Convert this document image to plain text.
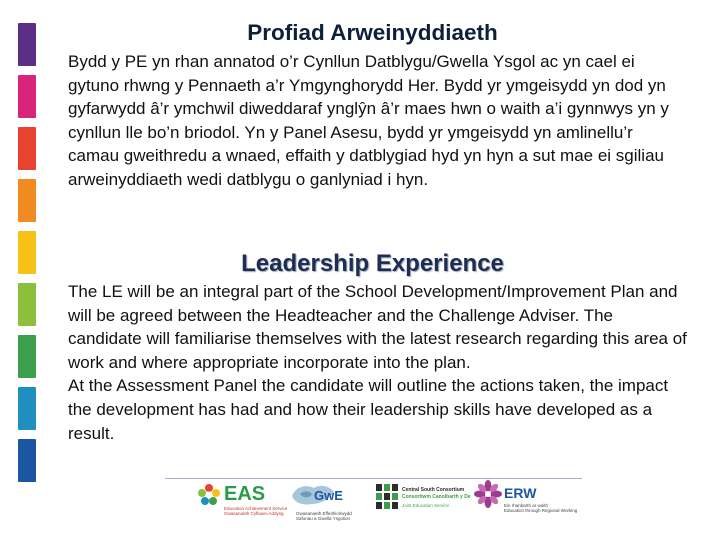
Profiad Arweinyddiaeth

Bydd y PE yn rhan annatod o’r Cynllun Datblygu/Gwella Ysgol ac yn cael ei gytuno rhwng y Pennaeth a’r Ymgynghorydd Her. Bydd yr ymgeisydd yn dod yn gyfarwydd â’r ymchwil diweddaraf ynglŷn â’r maes hwn o waith a’i gynnwys yn y cynllun lle bo’n briodol. Yn y Panel Asesu, bydd yr ymgeisydd yn amlinellu’r camau gweithredu a wnaed, effaith y datblygiad hyd yn hyn a sut mae ei sgiliau arweinyddiaeth wedi datblygu o ganlyniad i hyn.

Leadership Experience

The LE will be an integral part of the School Development/Improvement Plan and will be agreed between the Headteacher and the Challenge Adviser. The candidate will familiarise themselves with the latest research regarding this area of work and where appropriate incorporate into the plan.
At the Assessment Panel the candidate will outline the actions taken, the impact the development has had and how their leadership skills have developed as a result.

EAS
Education Achievement Service
Gwasanaeth Cyflawni Addysg
GwE
Gwasanaeth Effeithiolrwydd
Safonau a Gwella Ysgolion
Central South Consortium
Consortiwm Canolbarth y De
Joint Education Service
ERW
Ein rhanbarth ar waith
Education through Regional Working
